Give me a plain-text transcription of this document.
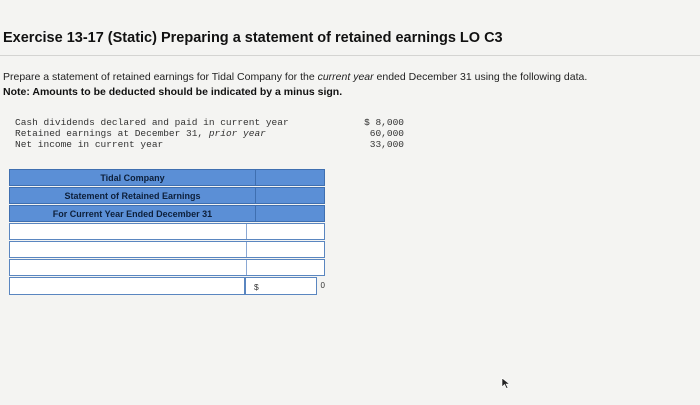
Exercise 13-17 (Static) Preparing a statement of retained earnings LO C3
Prepare a statement of retained earnings for Tidal Company for the current year ended December 31 using the following data.
Note: Amounts to be deducted should be indicated by a minus sign.
Cash dividends declared and paid in current year
Retained earnings at December 31, prior year
Net income in current year
$ 8,000
60,000
33,000
Tidal Company
Statement of Retained Earnings
For Current Year Ended December 31
$	0
